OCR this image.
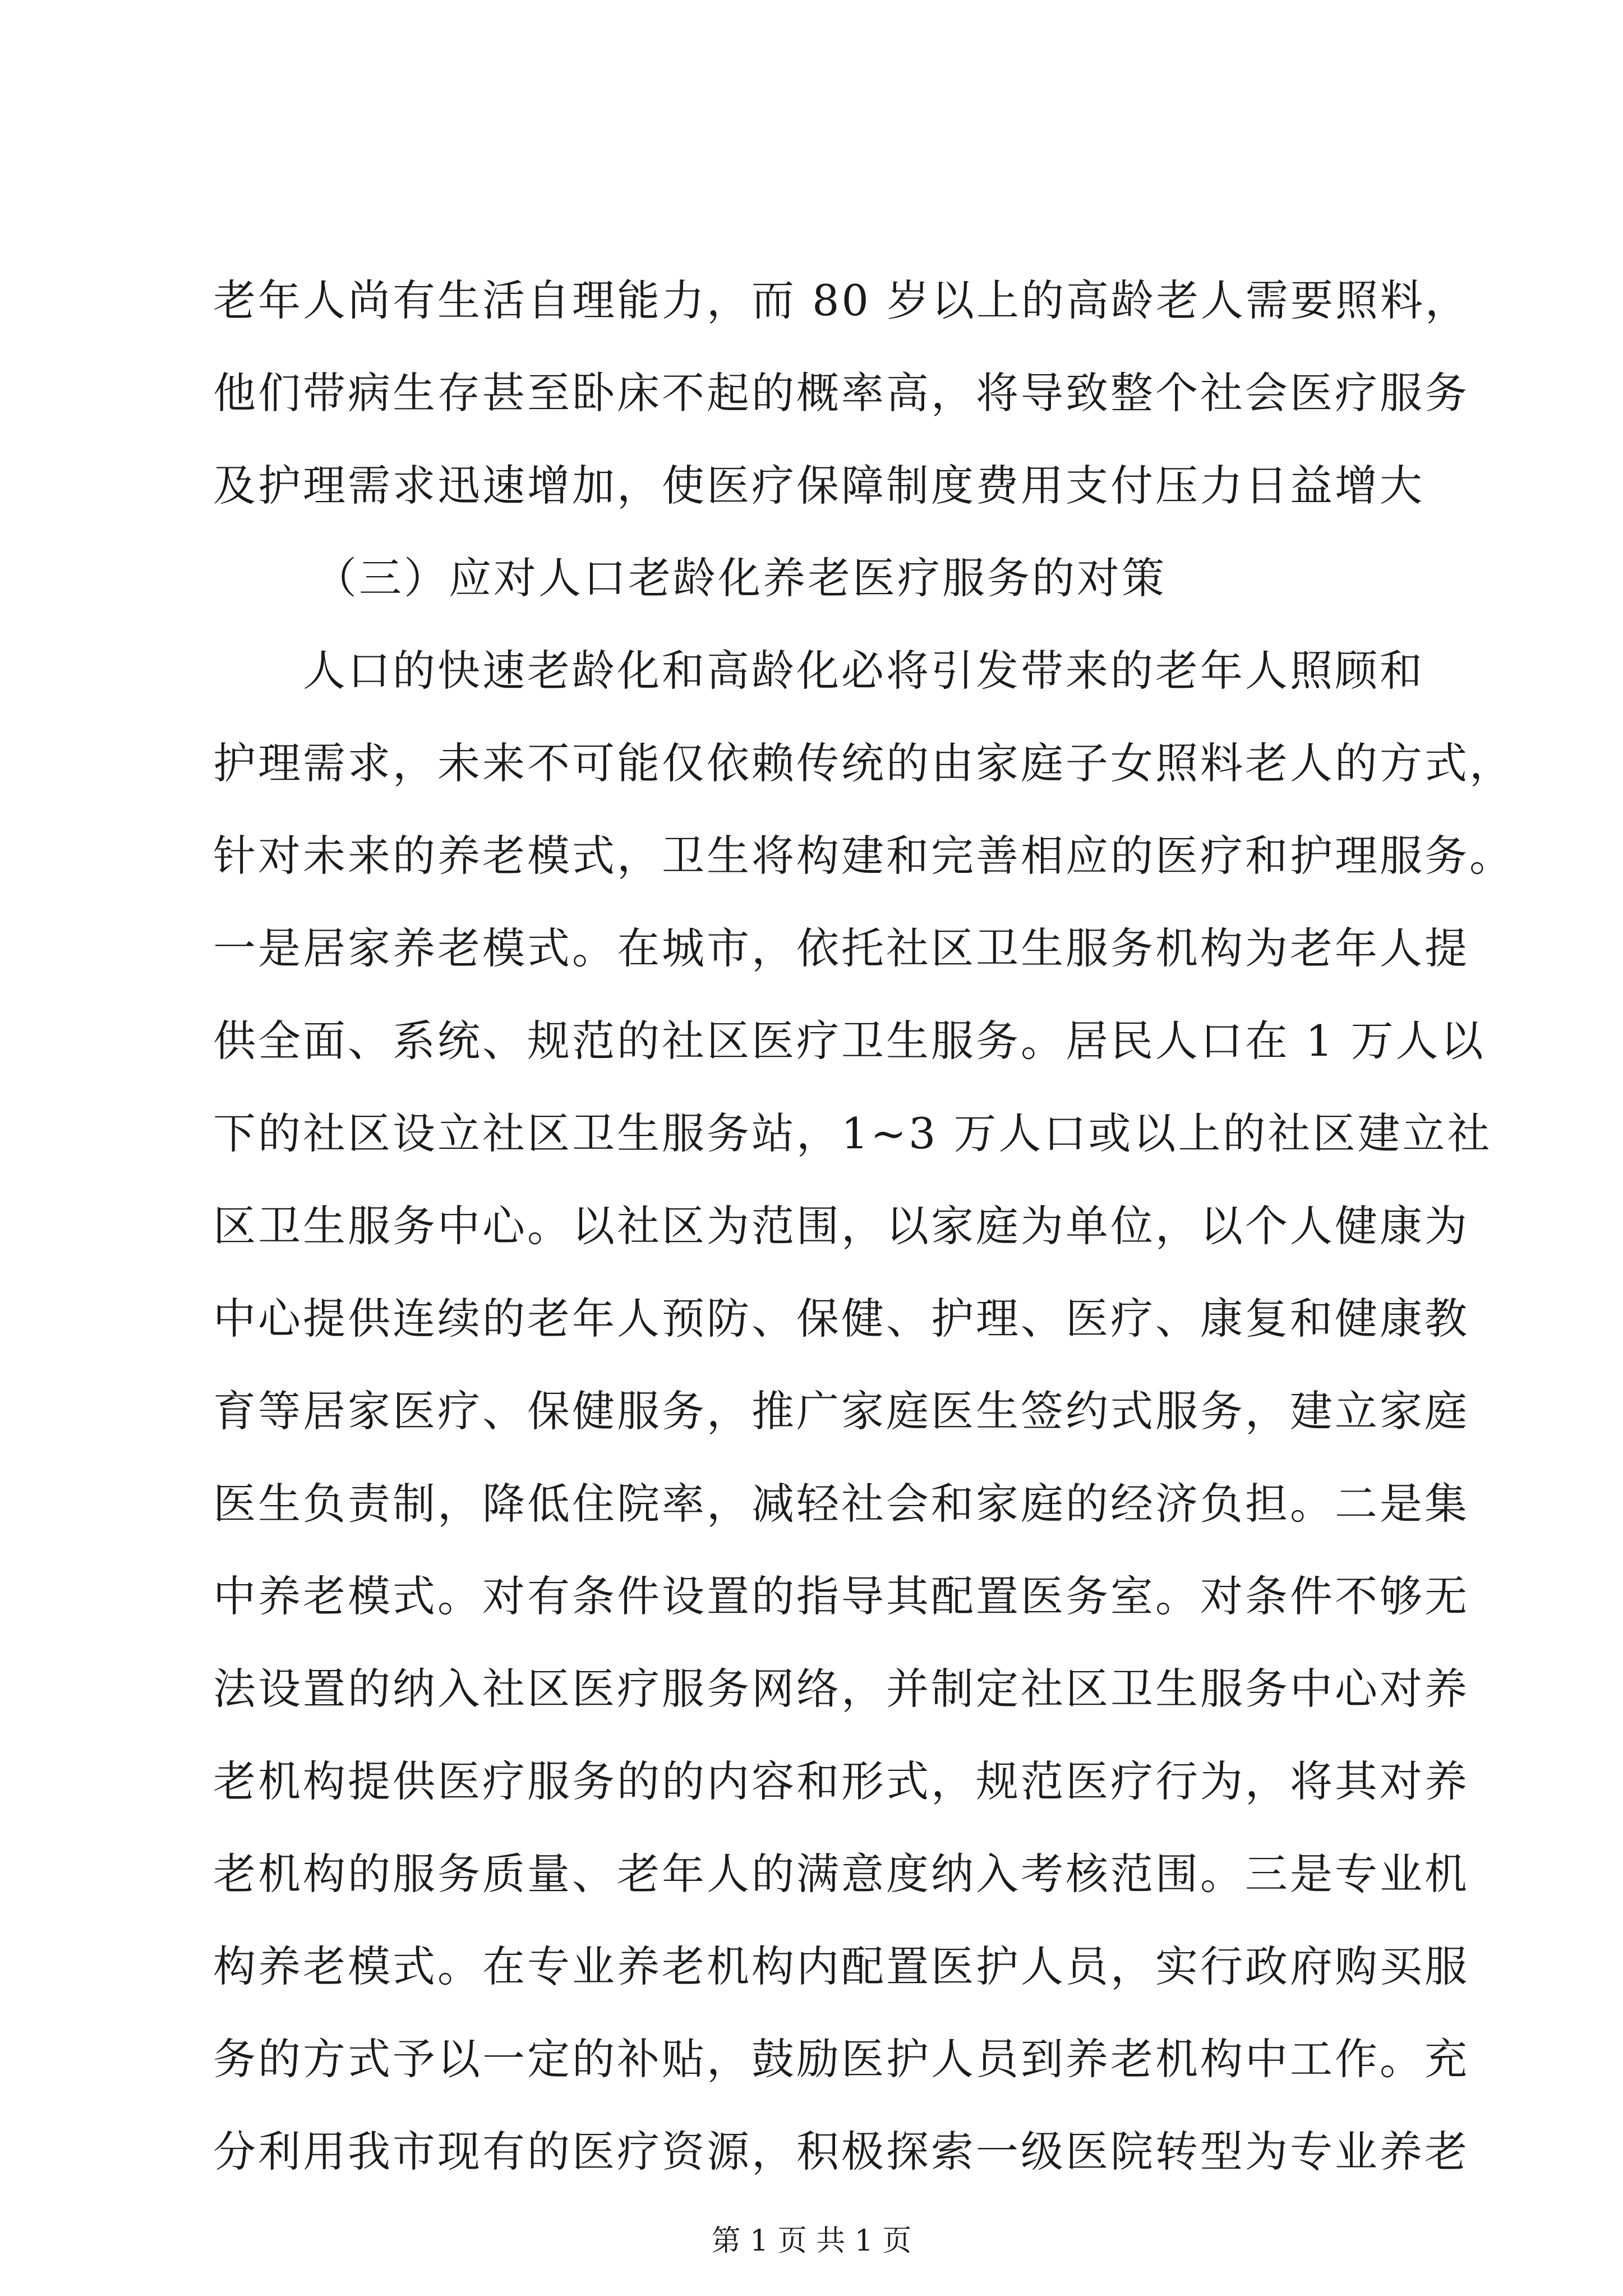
老年人尚有生活自理能力，而 80 岁以上的高龄老人需要照料，
他们带病生存甚至卧床不起的概率高，将导致整个社会医疗服务
及护理需求迅速增加，使医疗保障制度费用支付压力日益增大
（三）应对人口老龄化养老医疗服务的对策
人口的快速老龄化和高龄化必将引发带来的老年人照顾和
护理需求，未来不可能仅依赖传统的由家庭子女照料老人的方式，
针对未来的养老模式，卫生将构建和完善相应的医疗和护理服务。
一是居家养老模式。在城市，依托社区卫生服务机构为老年人提
供全面、系统、规范的社区医疗卫生服务。居民人口在 1 万人以
下的社区设立社区卫生服务站，1~3 万人口或以上的社区建立社
区卫生服务中心。以社区为范围，以家庭为单位，以个人健康为
中心提供连续的老年人预防、保健、护理、医疗、康复和健康教
育等居家医疗、保健服务，推广家庭医生签约式服务，建立家庭
医生负责制，降低住院率，减轻社会和家庭的经济负担。二是集
中养老模式。对有条件设置的指导其配置医务室。对条件不够无
法设置的纳入社区医疗服务网络，并制定社区卫生服务中心对养
老机构提供医疗服务的的内容和形式，规范医疗行为，将其对养
老机构的服务质量、老年人的满意度纳入考核范围。三是专业机
构养老模式。在专业养老机构内配置医护人员，实行政府购买服
务的方式予以一定的补贴，鼓励医护人员到养老机构中工作。充
分利用我市现有的医疗资源，积极探索一级医院转型为专业养老
第 1 页 共 1 页
